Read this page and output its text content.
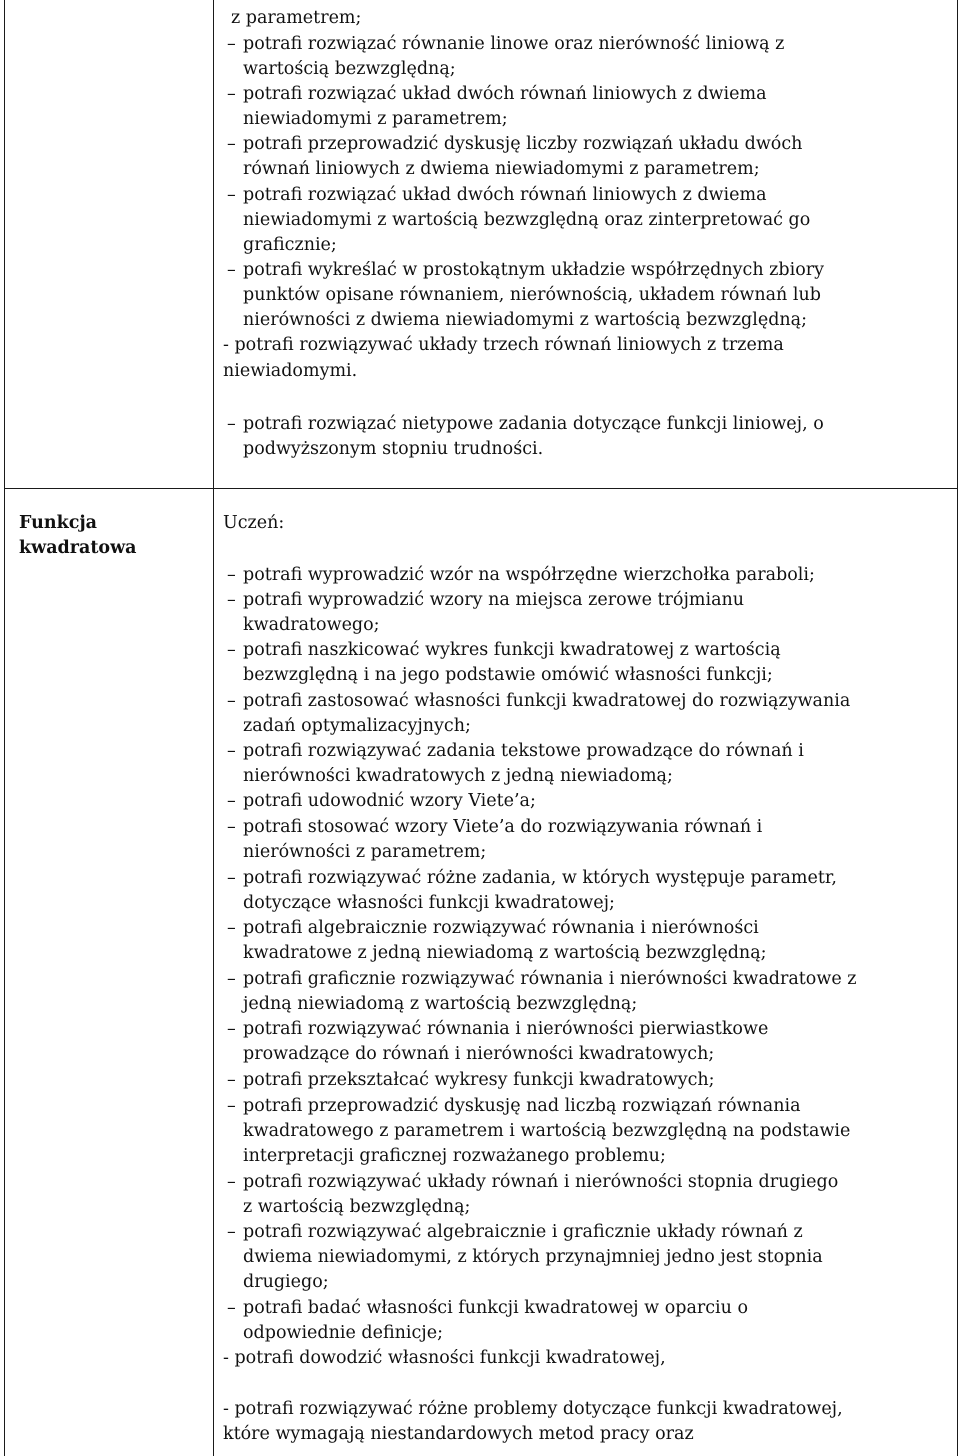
z parametrem;
– potrafi rozwiązać równanie linowe oraz nierówność liniową z
wartością bezwzględną;
– potrafi rozwiązać układ dwóch równań liniowych z dwiema
niewiadomymi z parametrem;
– potrafi przeprowadzić dyskusję liczby rozwiązań układu dwóch
równań liniowych z dwiema niewiadomymi z parametrem;
– potrafi rozwiązać układ dwóch równań liniowych z dwiema
niewiadomymi z wartością bezwzględną oraz zinterpretować go
graficznie;
– potrafi wykreślać w prostokątnym układzie współrzędnych zbiory
punktów opisane równaniem, nierównością, układem równań lub
nierówności z dwiema niewiadomymi z wartością bezwzględną;
- potrafi rozwiązywać układy trzech równań liniowych z trzema
niewiadomymi.
– potrafi rozwiązać nietypowe zadania dotyczące funkcji liniowej, o
podwyższonym stopniu trudności.
Funkcja
kwadratowa
Uczeń:
– potrafi wyprowadzić wzór na współrzędne wierzchołka paraboli;
– potrafi wyprowadzić wzory na miejsca zerowe trójmianu
kwadratowego;
– potrafi naszkicować wykres funkcji kwadratowej z wartością
bezwzględną i na jego podstawie omówić własności funkcji;
– potrafi zastosować własności funkcji kwadratowej do rozwiązywania
zadań optymalizacyjnych;
– potrafi rozwiązywać zadania tekstowe prowadzące do równań i
nierówności kwadratowych z jedną niewiadomą;
– potrafi udowodnić wzory Viete’a;
– potrafi stosować wzory Viete’a do rozwiązywania równań i
nierówności z parametrem;
– potrafi rozwiązywać różne zadania, w których występuje parametr,
dotyczące własności funkcji kwadratowej;
– potrafi algebraicznie rozwiązywać równania i nierówności
kwadratowe z jedną niewiadomą z wartością bezwzględną;
– potrafi graficznie rozwiązywać równania i nierówności kwadratowe z
jedną niewiadomą z wartością bezwzględną;
– potrafi rozwiązywać równania i nierówności pierwiastkowe
prowadzące do równań i nierówności kwadratowych;
– potrafi przekształcać wykresy funkcji kwadratowych;
– potrafi przeprowadzić dyskusję nad liczbą rozwiązań równania
kwadratowego z parametrem i wartością bezwzględną na podstawie
interpretacji graficznej rozważanego problemu;
– potrafi rozwiązywać układy równań i nierówności stopnia drugiego
z wartością bezwzględną;
– potrafi rozwiązywać algebraicznie i graficznie układy równań z
dwiema niewiadomymi, z których przynajmniej jedno jest stopnia
drugiego;
– potrafi badać własności funkcji kwadratowej w oparciu o
odpowiednie definicje;
- potrafi dowodzić własności funkcji kwadratowej,
- potrafi rozwiązywać różne problemy dotyczące funkcji kwadratowej,
które wymagają niestandardowych metod pracy oraz
